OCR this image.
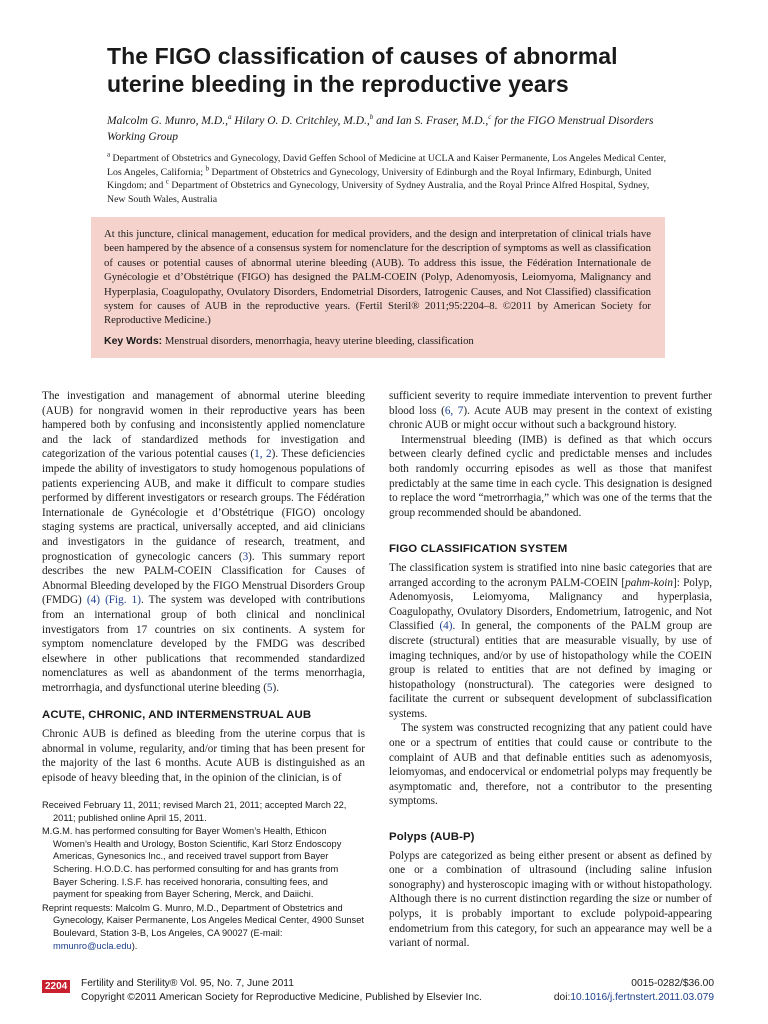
The FIGO classification of causes of abnormal uterine bleeding in the reproductive years
Malcolm G. Munro, M.D.,$^a$ Hilary O. D. Critchley, M.D.,$^b$ and Ian S. Fraser, M.D.,$^c$ for the FIGO Menstrual Disorders Working Group
$^a$ Department of Obstetrics and Gynecology, David Geffen School of Medicine at UCLA and Kaiser Permanente, Los Angeles Medical Center, Los Angeles, California; $^b$ Department of Obstetrics and Gynecology, University of Edinburgh and the Royal Infirmary, Edinburgh, United Kingdom; and $^c$ Department of Obstetrics and Gynecology, University of Sydney Australia, and the Royal Prince Alfred Hospital, Sydney, New South Wales, Australia
At this juncture, clinical management, education for medical providers, and the design and interpretation of clinical trials have been hampered by the absence of a consensus system for nomenclature for the description of symptoms as well as classification of causes or potential causes of abnormal uterine bleeding (AUB). To address this issue, the Fédération Internationale de Gynécologie et d’Obstétrique (FIGO) has designed the PALM-COEIN (Polyp, Adenomyosis, Leiomyoma, Malignancy and Hyperplasia, Coagulopathy, Ovulatory Disorders, Endometrial Disorders, Iatrogenic Causes, and Not Classified) classification system for causes of AUB in the reproductive years. (Fertil Steril® 2011;95:2204–8. ©2011 by American Society for Reproductive Medicine.)
Key Words: Menstrual disorders, menorrhagia, heavy uterine bleeding, classification

The investigation and management of abnormal uterine bleeding (AUB) for nongravid women in their reproductive years has been hampered both by confusing and inconsistently applied nomenclature and the lack of standardized methods for investigation and categorization of the various potential causes (1, 2). These deficiencies impede the ability of investigators to study homogenous populations of patients experiencing AUB, and make it difficult to compare studies performed by different investigators or research groups. The Fédération Internationale de Gynécologie et d’Obstétrique (FIGO) oncology staging systems are practical, universally accepted, and aid clinicians and investigators in the guidance of research, treatment, and prognostication of gynecologic cancers (3). This summary report describes the new PALM-COEIN Classification for Causes of Abnormal Bleeding developed by the FIGO Menstrual Disorders Group (FMDG) (4) (Fig. 1). The system was developed with contributions from an international group of both clinical and nonclinical investigators from 17 countries on six continents. A system for symptom nomenclature developed by the FMDG was described elsewhere in other publications that recommended standardized nomenclatures as well as abandonment of the terms menorrhagia, metrorrhagia, and dysfunctional uterine bleeding (5).

ACUTE, CHRONIC, AND INTERMENSTRUAL AUB

Chronic AUB is defined as bleeding from the uterine corpus that is abnormal in volume, regularity, and/or timing that has been present for the majority of the last 6 months. Acute AUB is distinguished as an episode of heavy bleeding that, in the opinion of the clinician, is of

Received February 11, 2011; revised March 21, 2011; accepted March 22, 2011; published online April 15, 2011.

M.G.M. has performed consulting for Bayer Women’s Health, Ethicon Women’s Health and Urology, Boston Scientific, Karl Storz Endoscopy Americas, Gynesonics Inc., and received travel support from Bayer Schering. H.O.D.C. has performed consulting for and has grants from Bayer Schering. I.S.F. has received honoraria, consulting fees, and payment for speaking from Bayer Schering, Merck, and Daiichi.

Reprint requests: Malcolm G. Munro, M.D., Department of Obstetrics and Gynecology, Kaiser Permanente, Los Angeles Medical Center, 4900 Sunset Boulevard, Station 3-B, Los Angeles, CA 90027 (E-mail: mmunro@ucla.edu).

sufficient severity to require immediate intervention to prevent further blood loss (6, 7). Acute AUB may present in the context of existing chronic AUB or might occur without such a background history.

Intermenstrual bleeding (IMB) is defined as that which occurs between clearly defined cyclic and predictable menses and includes both randomly occurring episodes as well as those that manifest predictably at the same time in each cycle. This designation is designed to replace the word “metrorrhagia,” which was one of the terms that the group recommended should be abandoned.

FIGO CLASSIFICATION SYSTEM

The classification system is stratified into nine basic categories that are arranged according to the acronym PALM-COEIN [pahm-koin]: Polyp, Adenomyosis, Leiomyoma, Malignancy and hyperplasia, Coagulopathy, Ovulatory Disorders, Endometrium, Iatrogenic, and Not Classified (4). In general, the components of the PALM group are discrete (structural) entities that are measurable visually, by use of imaging techniques, and/or by use of histopathology while the COEIN group is related to entities that are not defined by imaging or histopathology (nonstructural). The categories were designed to facilitate the current or subsequent development of subclassification systems.

The system was constructed recognizing that any patient could have one or a spectrum of entities that could cause or contribute to the complaint of AUB and that definable entities such as adenomyosis, leiomyomas, and endocervical or endometrial polyps may frequently be asymptomatic and, therefore, not a contributor to the presenting symptoms.

Polyps (AUB-P)

Polyps are categorized as being either present or absent as defined by one or a combination of ultrasound (including saline infusion sonography) and hysteroscopic imaging with or without histopathology. Although there is no current distinction regarding the size or number of polyps, it is probably important to exclude polypoid-appearing endometrium from this category, for such an appearance may well be a variant of normal.

2204 Fertility and Sterility® Vol. 95, No. 7, June 2011
Copyright ©2011 American Society for Reproductive Medicine, Published by Elsevier Inc.
0015-0282/$36.00
doi:10.1016/j.fertnstert.2011.03.079
